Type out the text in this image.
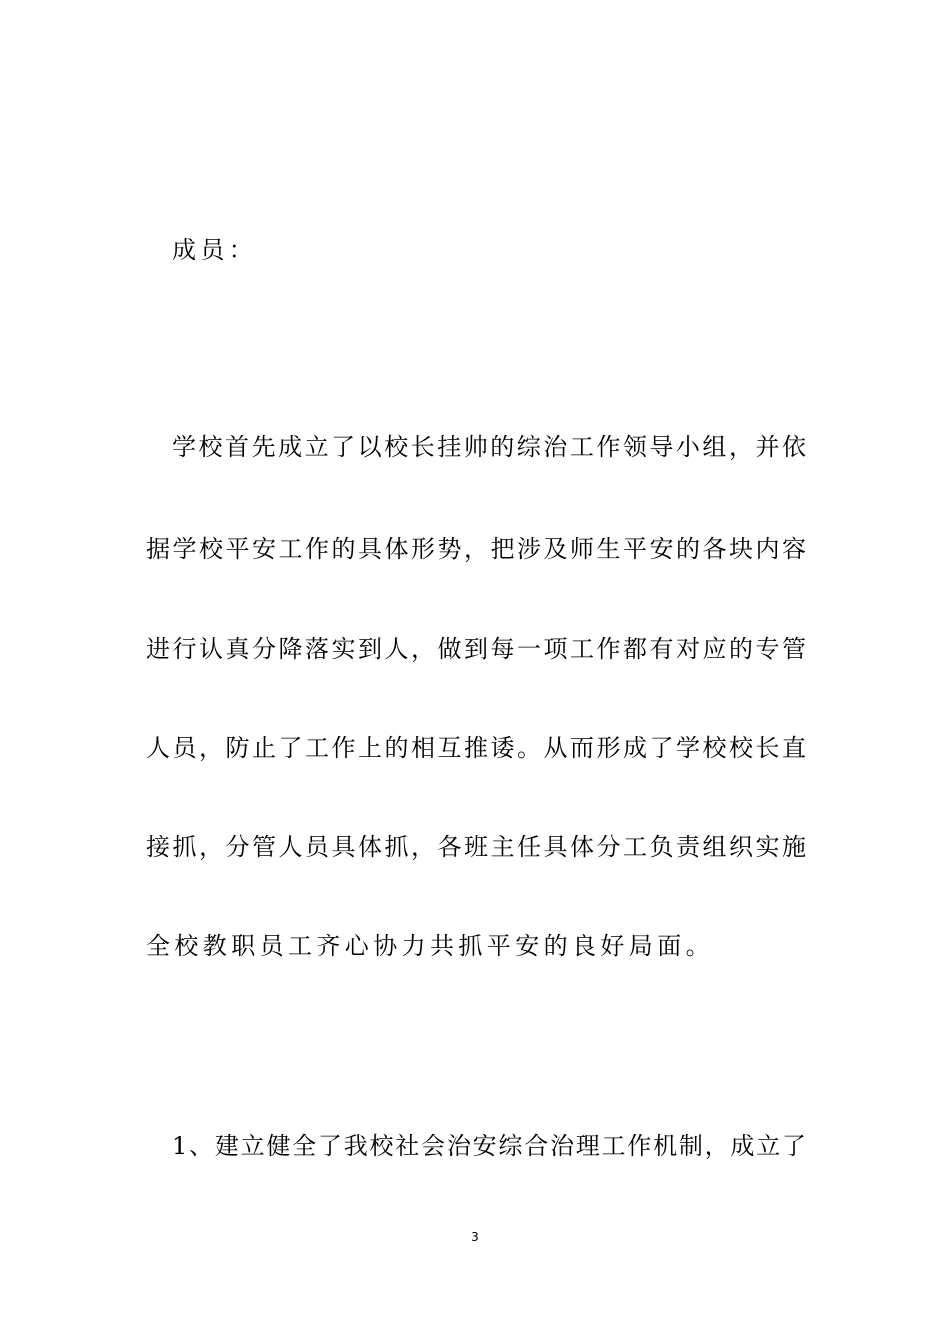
成员：
学校首先成立了以校长挂帅的综治工作领导小组，并依
据学校平安工作的具体形势，把涉及师生平安的各块内容
进行认真分降落实到人，做到每一项工作都有对应的专管
人员，防止了工作上的相互推诿。从而形成了学校校长直
接抓，分管人员具体抓，各班主任具体分工负责组织实施
全校教职员工齐心协力共抓平安的良好局面。
1、建立健全了我校社会治安综合治理工作机制，成立了
3
